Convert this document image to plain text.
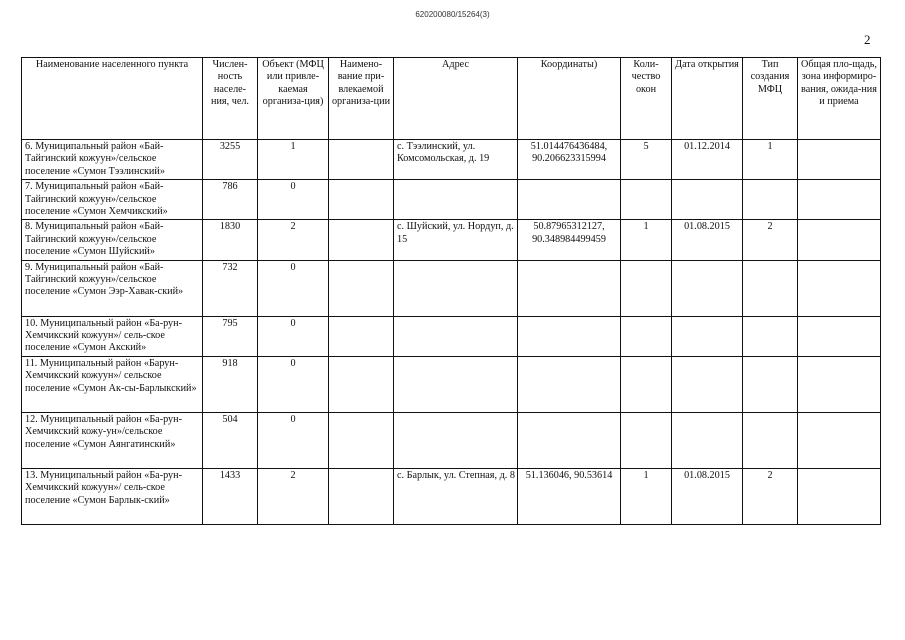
620200080/15264(3)
2
Наименование населенного пункта	Числен-ность населе-ния, чел.	Объект (МФЦ или привле-каемая организа-ция)	Наимено-вание при-влекаемой организа-ции	Адрес	Координаты)	Коли-чество окон	Дата открытия	Тип создания МФЦ	Общая пло-щадь, зона информиро-вания, ожида-ния и приема
6. Муниципальный район «Бай-Тайгинский кожуун»/сельское поселение «Сумон Тээлинский»	3255	1		с. Тээлинский, ул. Комсомольская, д. 19	51.014476436484, 90.206623315994	5	01.12.2014	1	
7. Муниципальный район «Бай-Тайгинский кожуун»/сельское поселение «Сумон Хемчикский»	786	0							
8. Муниципальный район «Бай-Тайгинский кожуун»/сельское поселение «Сумон Шуйский»	1830	2		с. Шуйский, ул. Нордуп, д. 15	50.87965312127, 90.348984499459	1	01.08.2015	2	
9. Муниципальный район «Бай-Тайгинский кожуун»/сельское поселение «Сумон Ээр-Хавак-ский»	732	0							
10. Муниципальный район «Ба-рун-Хемчикский кожуун»/ сель-ское поселение «Сумон Акский»	795	0							
11. Муниципальный район «Барун-Хемчикский кожуун»/ сельское поселение «Сумон Ак-сы-Барлыкский»	918	0							
12. Муниципальный район «Ба-рун-Хемчикский кожу-ун»/сельское поселение «Сумон Аянгатинский»	504	0							
13. Муниципальный район «Ба-рун-Хемчикский кожуун»/ сель-ское поселение «Сумон Барлык-ский»	1433	2		с. Барлык, ул. Степная, д. 8	51.136046, 90.53614	1	01.08.2015	2	
